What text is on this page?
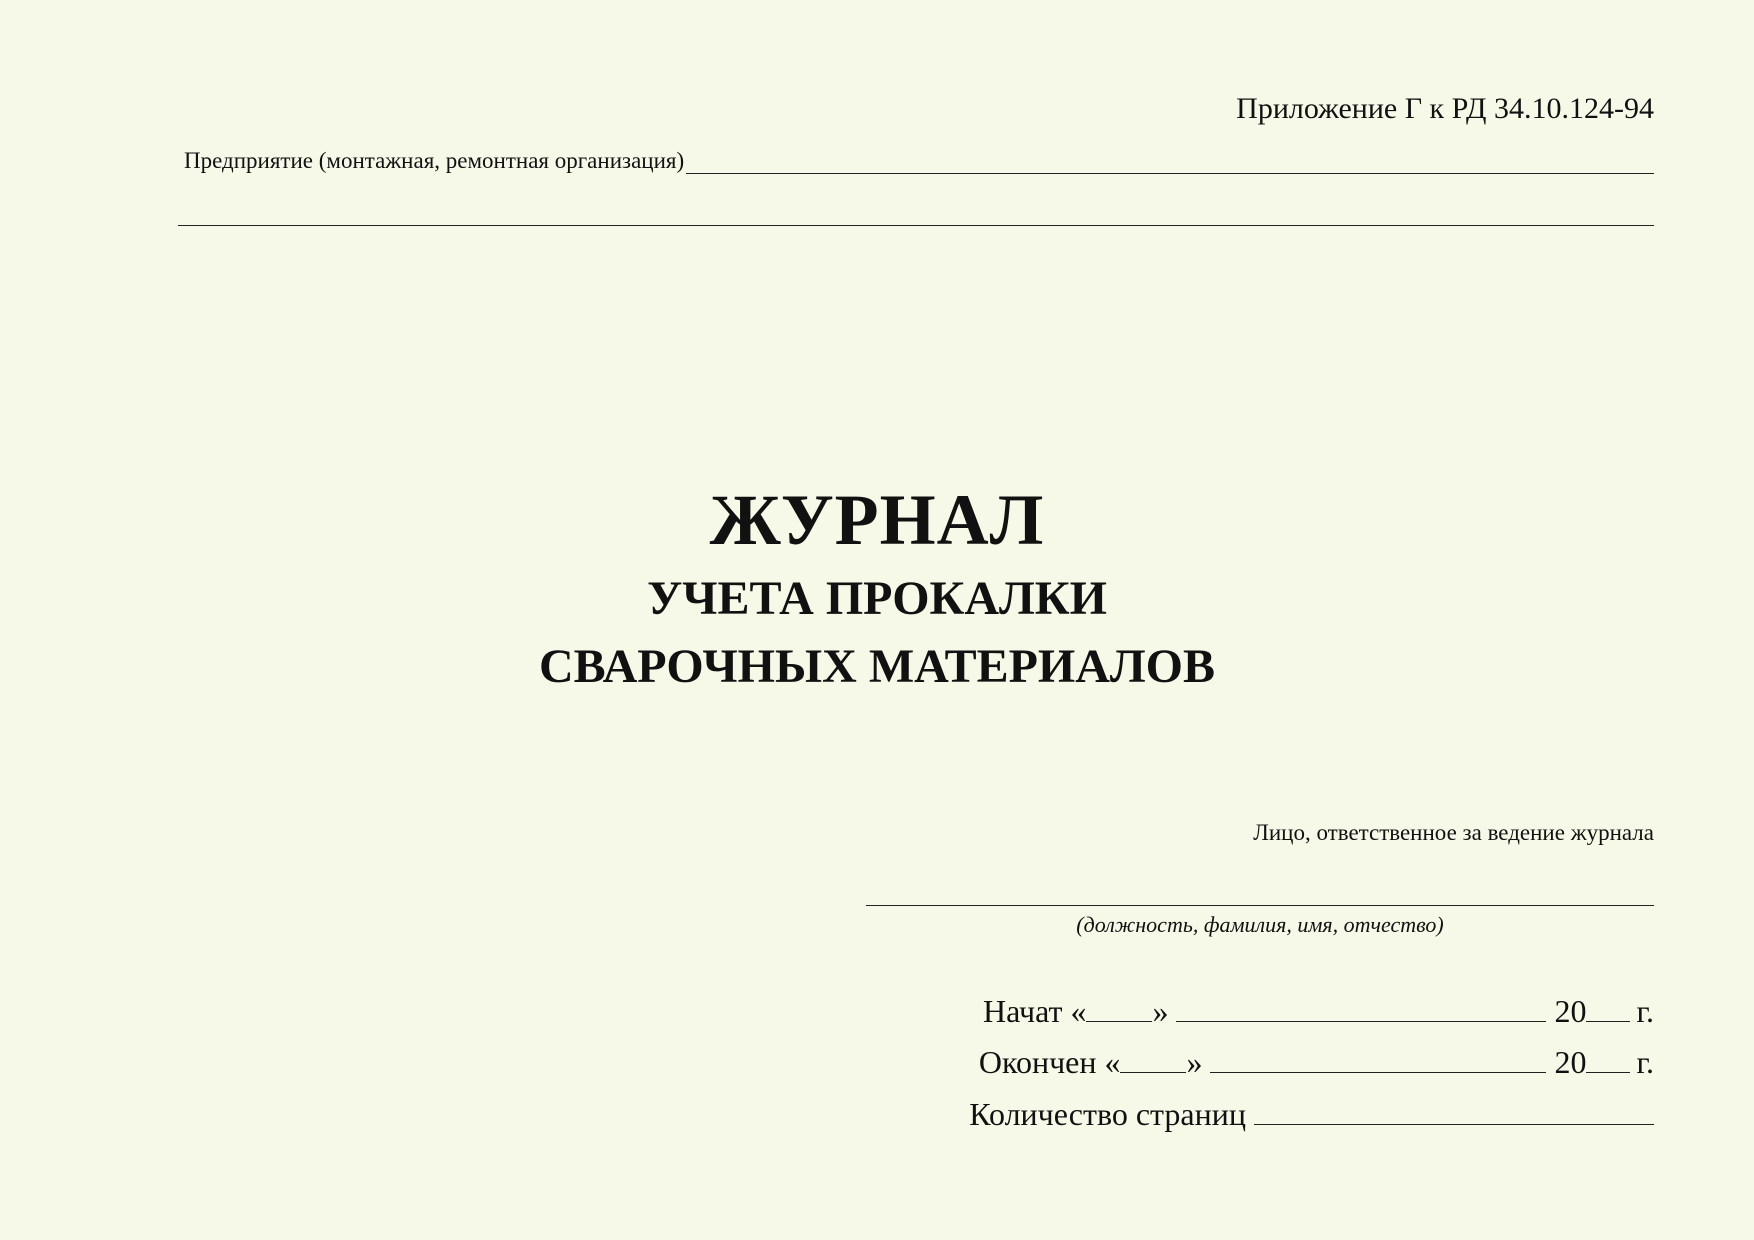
Приложение Г к РД 34.10.124-94
Предприятие (монтажная, ремонтная организация)
ЖУРНАЛ
УЧЕТА ПРОКАЛКИ
СВАРОЧНЫХ МАТЕРИАЛОВ
Лицо, ответственное за ведение журнала
(должность, фамилия, имя, отчество)
Начат « »	20 г.
Окончен « »	20 г.
Количество страниц
